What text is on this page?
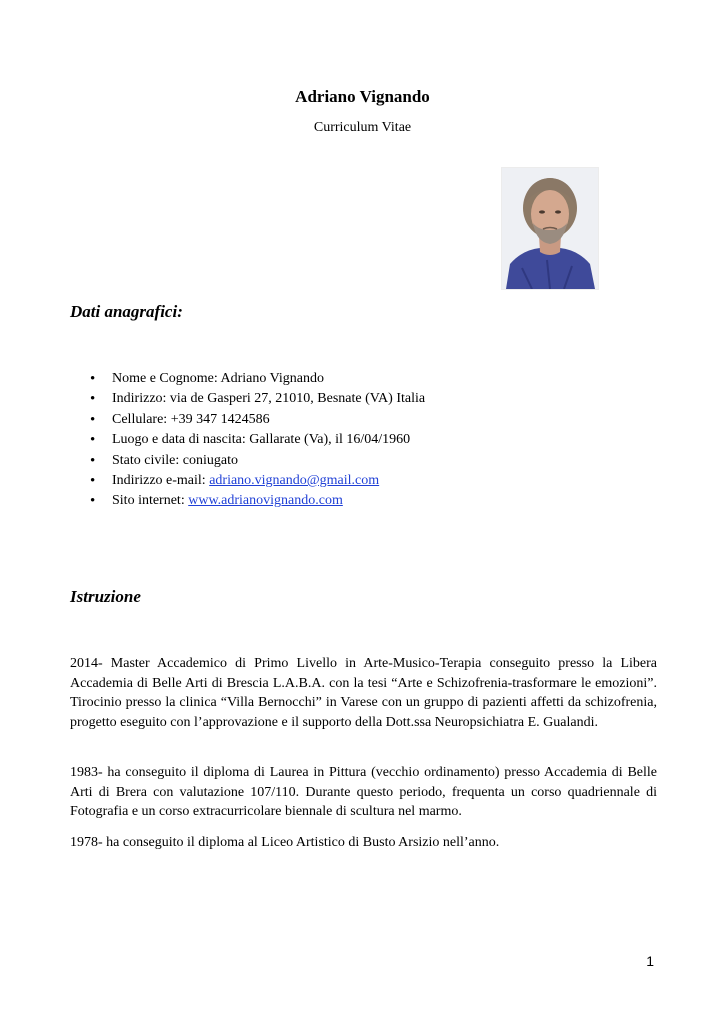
Adriano Vignando
Curriculum Vitae
Dati anagrafici:
• Nome e Cognome: Adriano Vignando
• Indirizzo: via de Gasperi 27, 21010, Besnate (VA) Italia
• Cellulare: +39 347 1424586
• Luogo e data di nascita: Gallarate (Va), il 16/04/1960
• Stato civile: coniugato
• Indirizzo e-mail: adriano.vignando@gmail.com
• Sito internet: www.adrianovignando.com
Istruzione

2014- Master Accademico di Primo Livello in Arte-Musico-Terapia conseguito presso la Libera Accademia di Belle Arti di Brescia L.A.B.A. con la tesi “Arte e Schizofrenia-trasformare le emozioni”. Tirocinio presso la clinica “Villa Bernocchi” in Varese con un gruppo di pazienti affetti da schizofrenia, progetto eseguito con l’approvazione e il supporto della Dott.ssa Neuropsichiatra E. Gualandi.

1983- ha conseguito il diploma di Laurea in Pittura (vecchio ordinamento) presso Accademia di Belle Arti di Brera con valutazione 107/110. Durante questo periodo, frequenta un corso quadriennale di Fotografia e un corso extracurricolare biennale di scultura nel marmo.

1978- ha conseguito il diploma al Liceo Artistico di Busto Arsizio nell’anno.

1
